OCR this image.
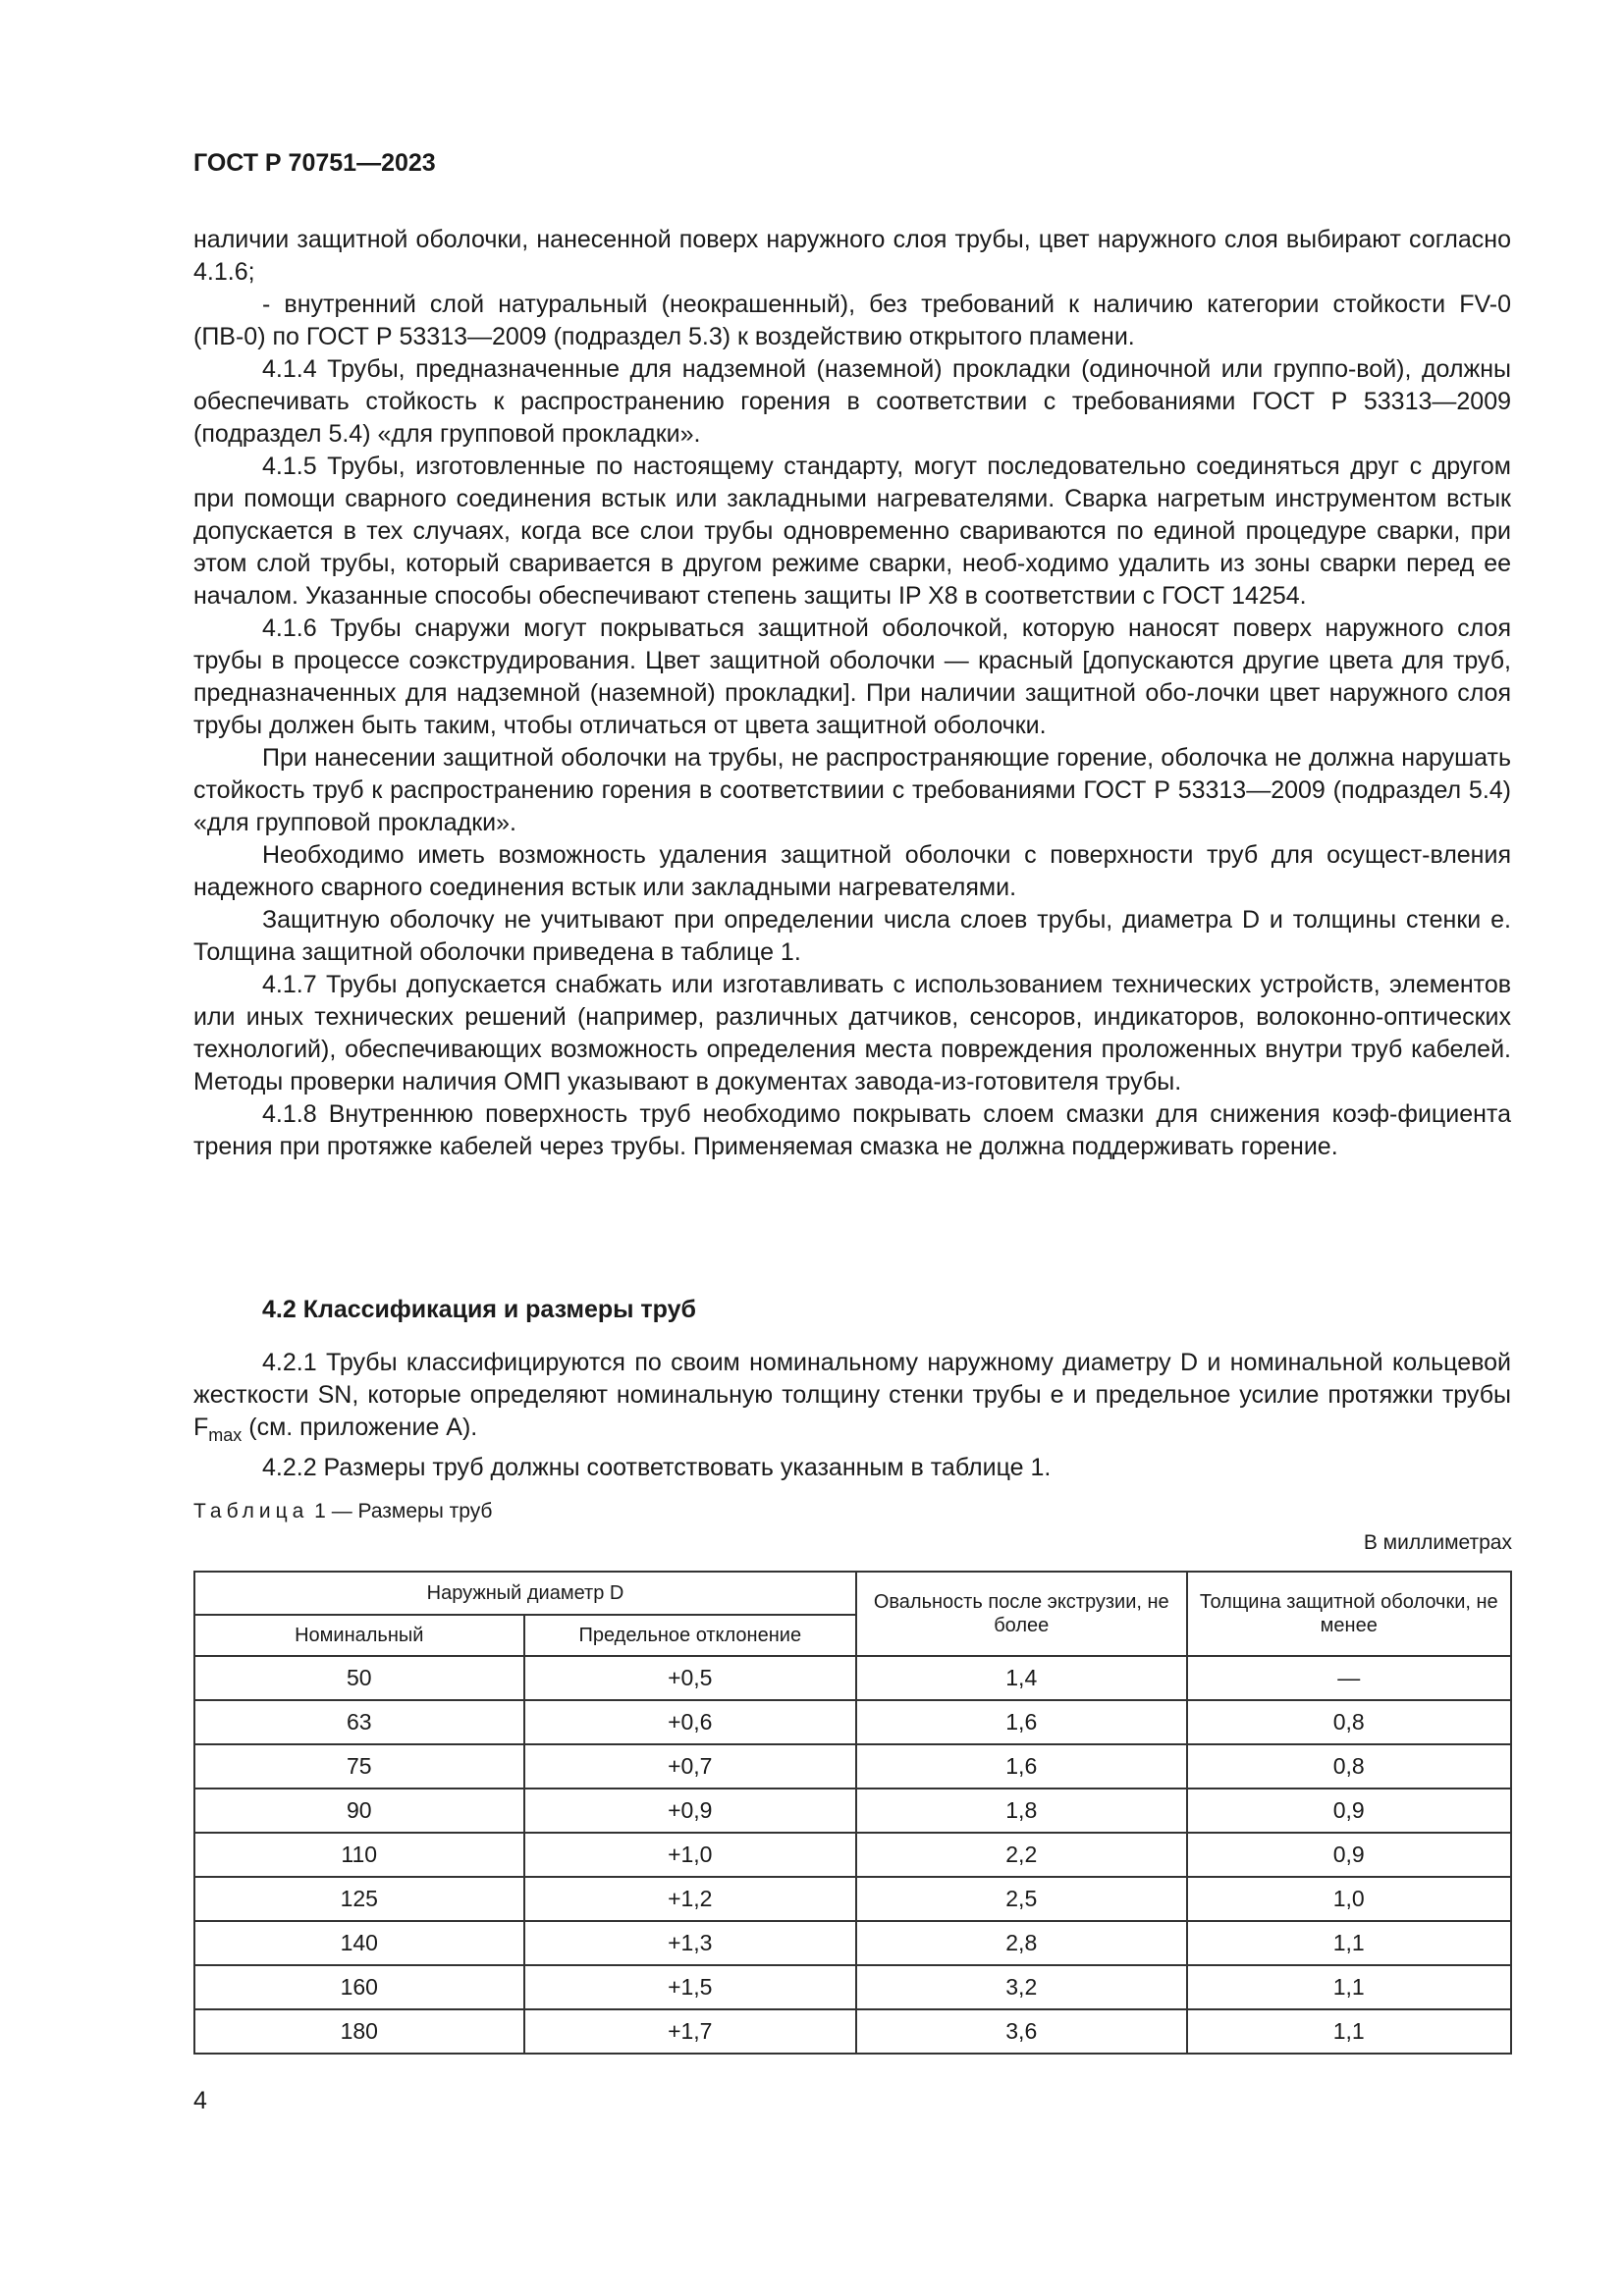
ГОСТ Р 70751—2023

наличии защитной оболочки, нанесенной поверх наружного слоя трубы, цвет наружного слоя выбирают согласно 4.1.6;

- внутренний слой натуральный (неокрашенный), без требований к наличию категории стойкости FV-0 (ПВ-0) по ГОСТ Р 53313—2009 (подраздел 5.3) к воздействию открытого пламени.

4.1.4 Трубы, предназначенные для надземной (наземной) прокладки (одиночной или группо-вой), должны обеспечивать стойкость к распространению горения в соответствии с требованиями ГОСТ Р 53313—2009 (подраздел 5.4) «для групповой прокладки».

4.1.5 Трубы, изготовленные по настоящему стандарту, могут последовательно соединяться друг с другом при помощи сварного соединения встык или закладными нагревателями. Сварка нагретым инструментом встык допускается в тех случаях, когда все слои трубы одновременно свариваются по единой процедуре сварки, при этом слой трубы, который сваривается в другом режиме сварки, необ-ходимо удалить из зоны сварки перед ее началом. Указанные способы обеспечивают степень защиты IP X8 в соответствии с ГОСТ 14254.

4.1.6 Трубы снаружи могут покрываться защитной оболочкой, которую наносят поверх наружного слоя трубы в процессе соэкструдирования. Цвет защитной оболочки — красный [допускаются другие цвета для труб, предназначенных для надземной (наземной) прокладки]. При наличии защитной обо-лочки цвет наружного слоя трубы должен быть таким, чтобы отличаться от цвета защитной оболочки.

При нанесении защитной оболочки на трубы, не распространяющие горение, оболочка не должна нарушать стойкость труб к распространению горения в соответствиии с требованиями ГОСТ Р 53313—2009 (подраздел 5.4) «для групповой прокладки».

Необходимо иметь возможность удаления защитной оболочки с поверхности труб для осущест-вления надежного сварного соединения встык или закладными нагревателями.

Защитную оболочку не учитывают при определении числа слоев трубы, диаметра D и толщины стенки e. Толщина защитной оболочки приведена в таблице 1.

4.1.7 Трубы допускается снабжать или изготавливать с использованием технических устройств, элементов или иных технических решений (например, различных датчиков, сенсоров, индикаторов, волоконно-оптических технологий), обеспечивающих возможность определения места повреждения проложенных внутри труб кабелей. Методы проверки наличия ОМП указывают в документах завода-из-готовителя трубы.

4.1.8 Внутреннюю поверхность труб необходимо покрывать слоем смазки для снижения коэф-фициента трения при протяжке кабелей через трубы. Применяемая смазка не должна поддерживать горение.

4.2 Классификация и размеры труб

4.2.1 Трубы классифицируются по своим номинальному наружному диаметру D и номинальной кольцевой жесткости SN, которые определяют номинальную толщину стенки трубы e и предельное усилие протяжки трубы $F_{max}$ (см. приложение А).

4.2.2 Размеры труб должны соответствовать указанным в таблице 1.

Таблица 1 — Размеры труб
В миллиметрах
Наружный диаметр D		Овальность после экструзии, не более	Толщина защитной оболочки, не менее
Номинальный	Предельное отклонение		
50	+0,5	1,4	—
63	+0,6	1,6	0,8
75	+0,7	1,6	0,8
90	+0,9	1,8	0,9
110	+1,0	2,2	0,9
125	+1,2	2,5	1,0
140	+1,3	2,8	1,1
160	+1,5	3,2	1,1
180	+1,7	3,6	1,1
4
